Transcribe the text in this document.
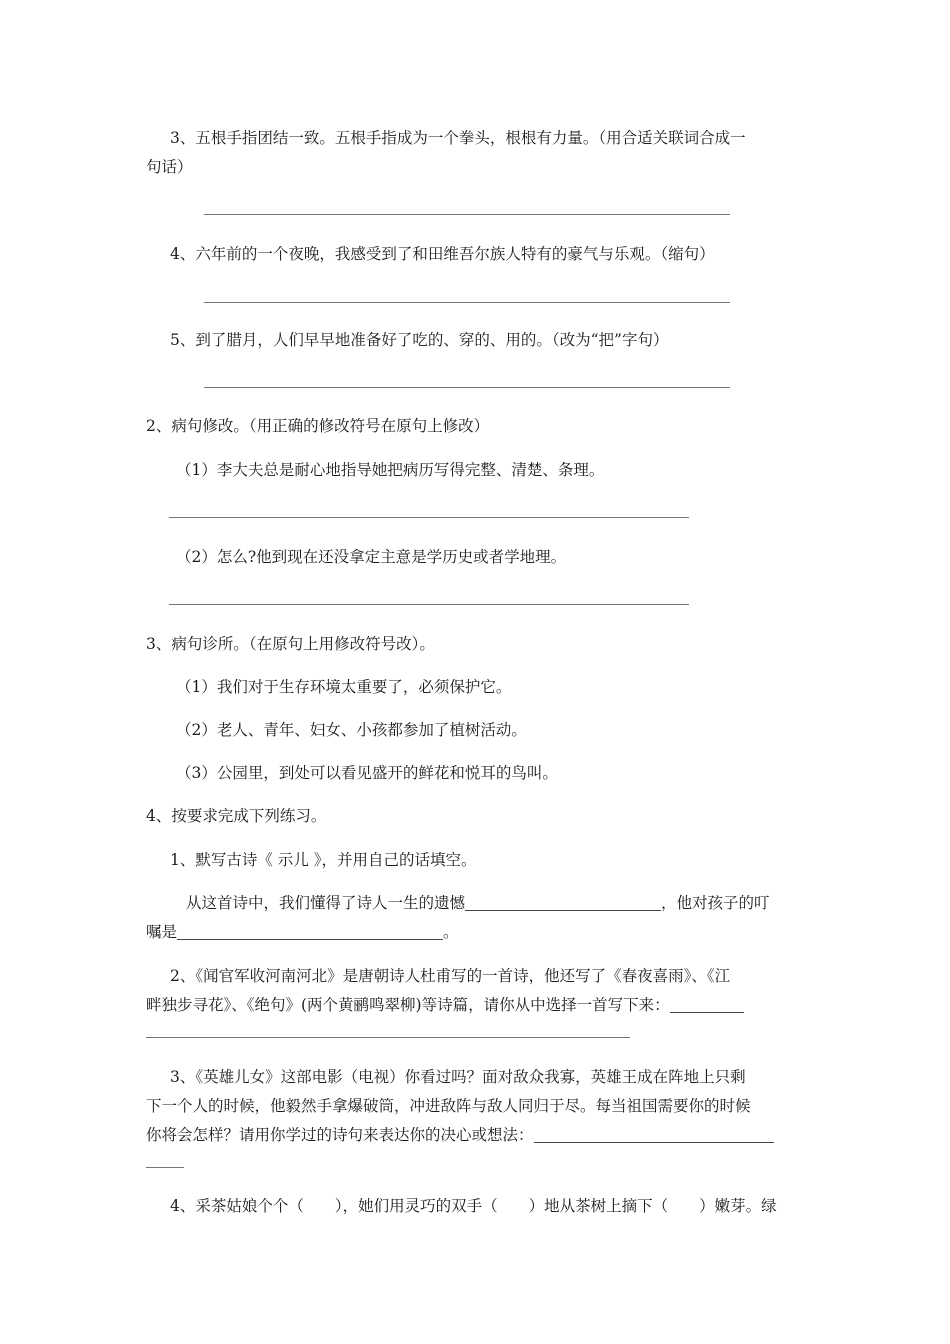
3、五根手指团结一致。五根手指成为一个拳头，根根有力量。（用合适关联词合成一
句话）
4、六年前的一个夜晚，我感受到了和田维吾尔族人特有的豪气与乐观。（缩句）
5、到了腊月，人们早早地准备好了吃的、穿的、用的。（改为“把”字句）
2、病句修改。（用正确的修改符号在原句上修改）
（1）李大夫总是耐心地指导她把病历写得完整、清楚、条理。
（2）怎么?他到现在还没拿定主意是学历史或者学地理。
3、病句诊所。（在原句上用修改符号改）。
（1）我们对于生存环境太重要了，必须保护它。
（2）老人、青年、妇女、小孩都参加了植树活动。
（3）公园里，到处可以看见盛开的鲜花和悦耳的鸟叫。
4、按要求完成下列练习。
1、默写古诗《 示儿 》，并用自己的话填空。
从这首诗中，我们懂得了诗人一生的遗憾	，他对孩子的叮
嘱是	。
2、《闻官军收河南河北》是唐朝诗人杜甫写的一首诗，他还写了《春夜喜雨》、《江
畔独步寻花》、《绝句》(两个黄鹂鸣翠柳)等诗篇，请你从中选择一首写下来：
3、《英雄儿女》这部电影（电视）你看过吗？面对敌众我寡，英雄王成在阵地上只剩
下一个人的时候，他毅然手拿爆破筒，冲进敌阵与敌人同归于尽。每当祖国需要你的时候
你将会怎样？请用你学过的诗句来表达你的决心或想法：
4、采茶姑娘个个（　　），她们用灵巧的双手（　　）地从茶树上摘下（　　）嫩芽。绿
